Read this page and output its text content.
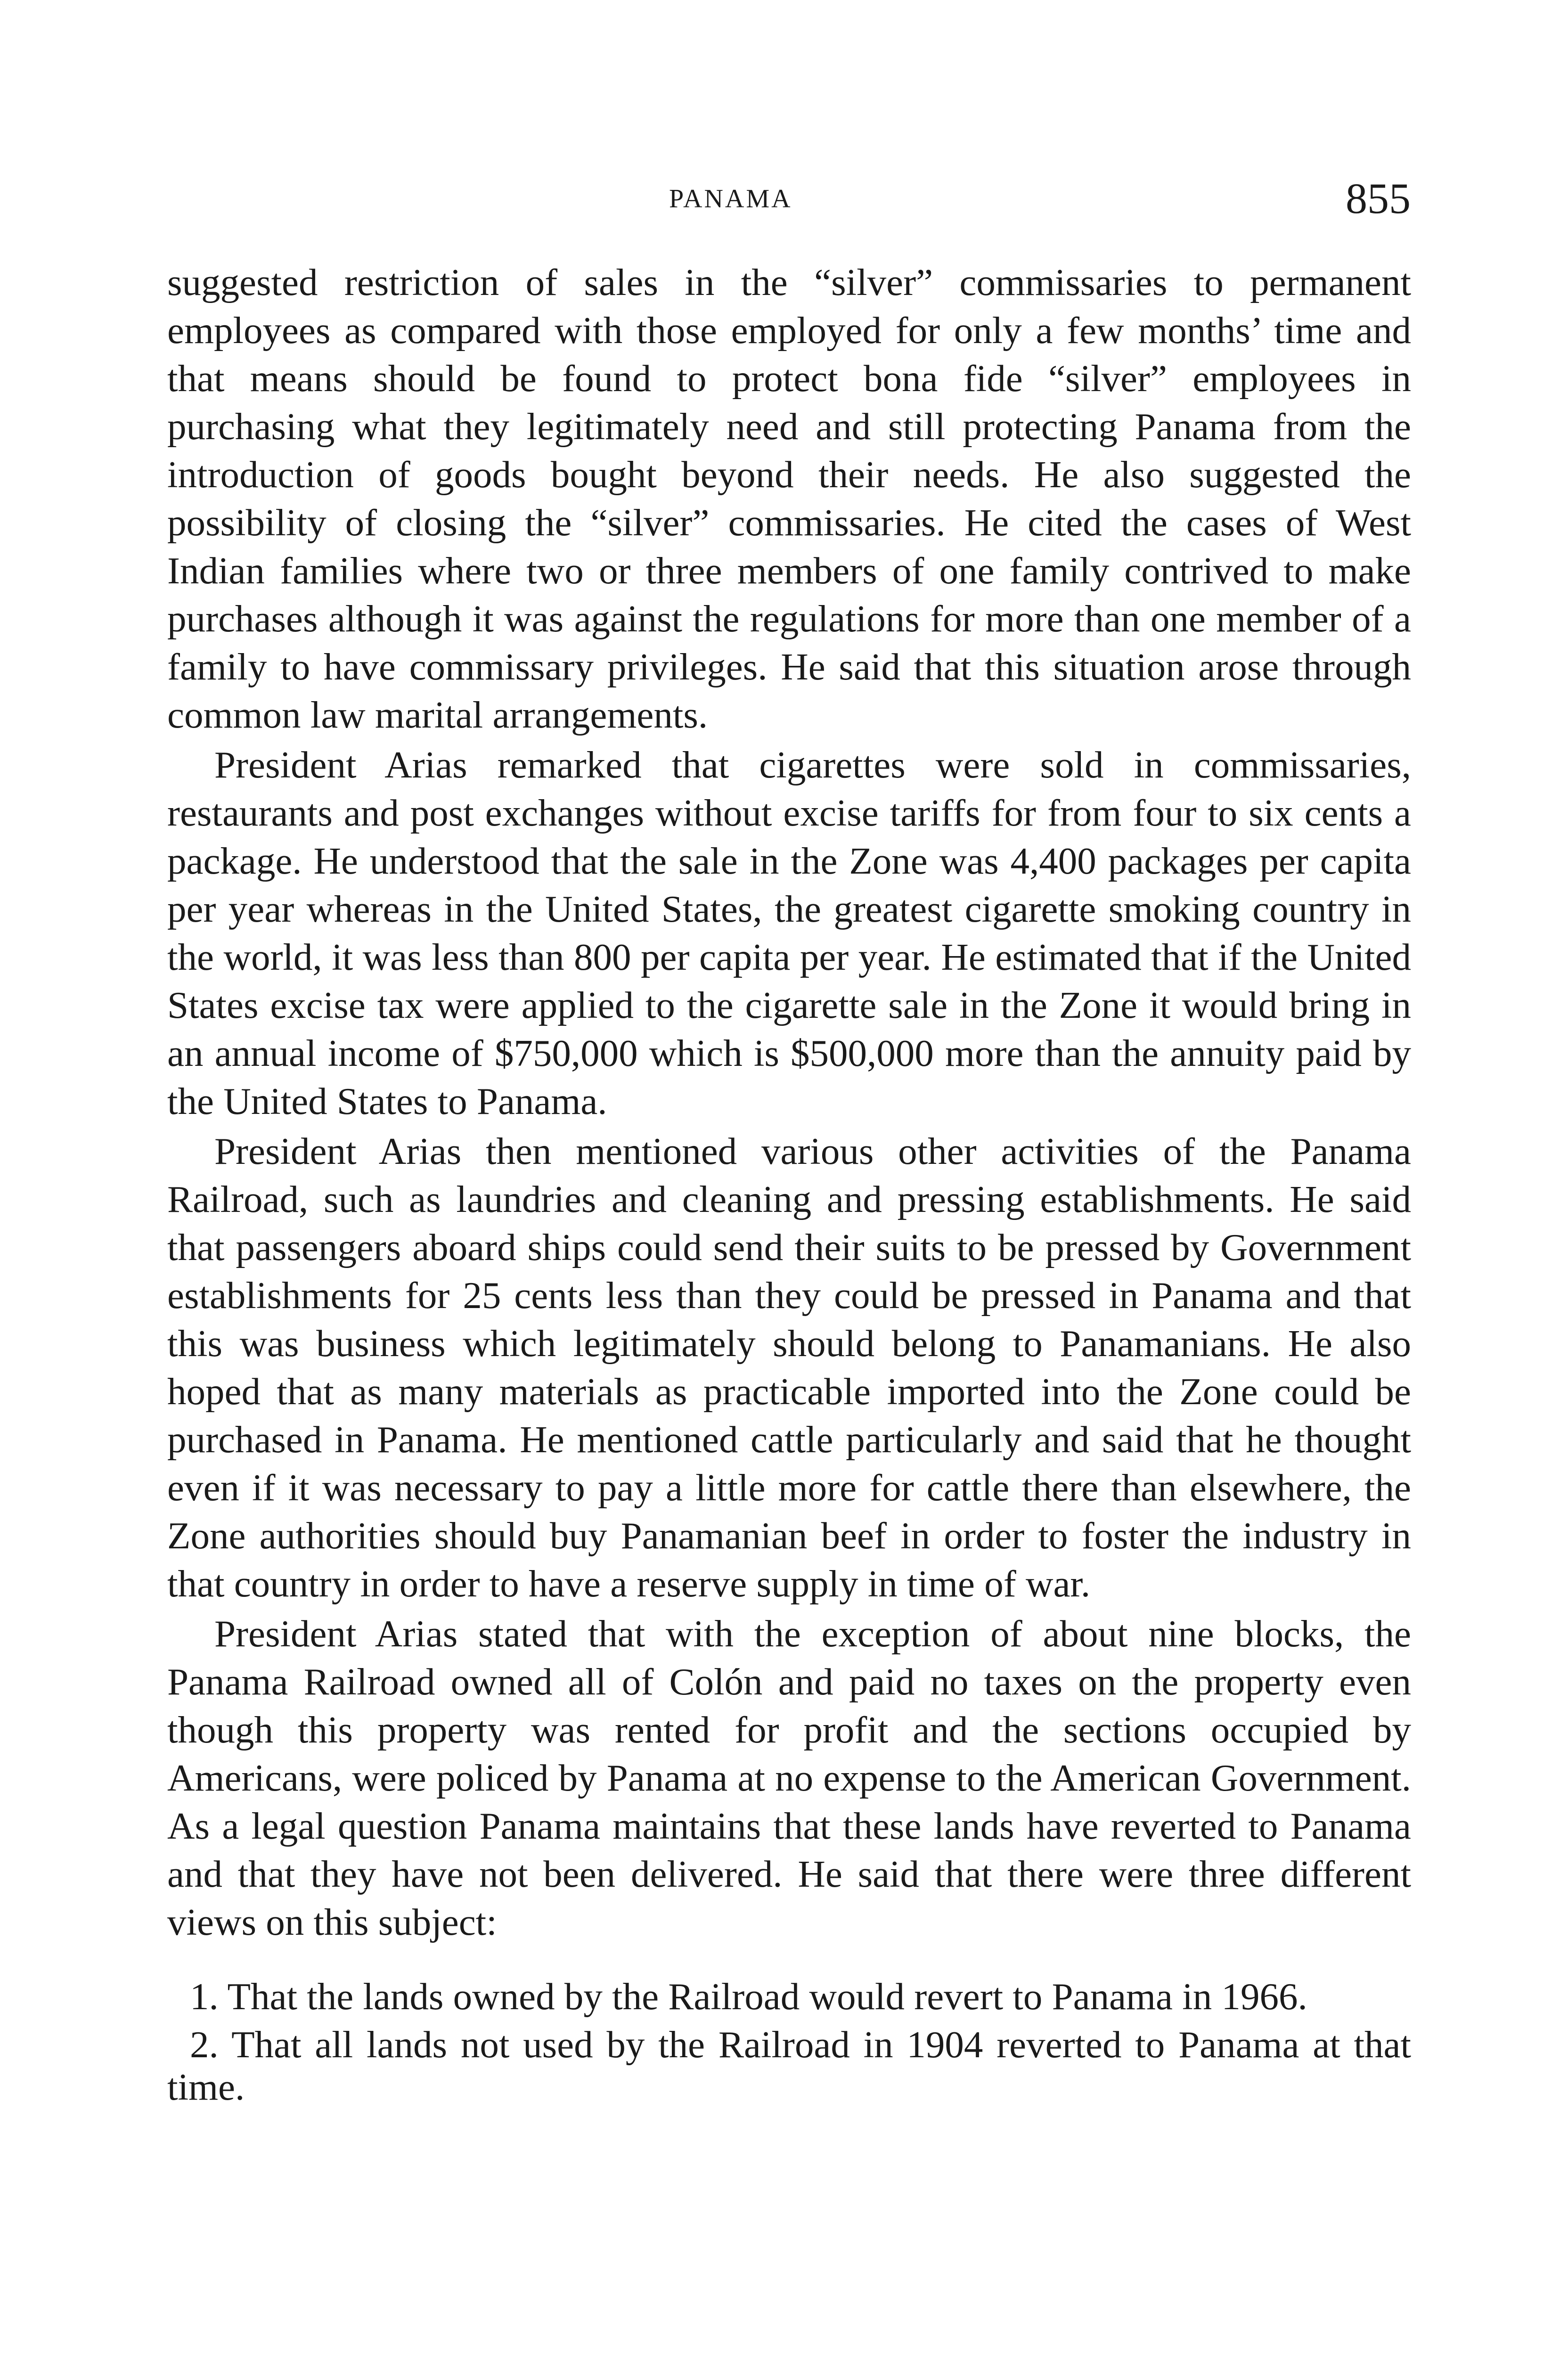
PANAMA	855

suggested restriction of sales in the “silver” commissaries to permanent employees as compared with those employed for only a few months’ time and that means should be found to protect bona fide “silver” employees in purchasing what they legitimately need and still protecting Panama from the introduction of goods bought beyond their needs. He also suggested the possibility of closing the “silver” commissaries. He cited the cases of West Indian families where two or three members of one family contrived to make purchases although it was against the regulations for more than one member of a family to have commissary privileges. He said that this situation arose through common law marital arrangements.

President Arias remarked that cigarettes were sold in commissaries, restaurants and post exchanges without excise tariffs for from four to six cents a package. He understood that the sale in the Zone was 4,400 packages per capita per year whereas in the United States, the greatest cigarette smoking country in the world, it was less than 800 per capita per year. He estimated that if the United States excise tax were applied to the cigarette sale in the Zone it would bring in an annual income of $750,000 which is $500,000 more than the annuity paid by the United States to Panama.

President Arias then mentioned various other activities of the Panama Railroad, such as laundries and cleaning and pressing establishments. He said that passengers aboard ships could send their suits to be pressed by Government establishments for 25 cents less than they could be pressed in Panama and that this was business which legitimately should belong to Panamanians. He also hoped that as many materials as practicable imported into the Zone could be purchased in Panama. He mentioned cattle particularly and said that he thought even if it was necessary to pay a little more for cattle there than elsewhere, the Zone authorities should buy Panamanian beef in order to foster the industry in that country in order to have a reserve supply in time of war.

President Arias stated that with the exception of about nine blocks, the Panama Railroad owned all of Colón and paid no taxes on the property even though this property was rented for profit and the sections occupied by Americans, were policed by Panama at no expense to the American Government. As a legal question Panama maintains that these lands have reverted to Panama and that they have not been delivered. He said that there were three different views on this subject:

1. That the lands owned by the Railroad would revert to Panama in 1966.
2. That all lands not used by the Railroad in 1904 reverted to Panama at that time.
